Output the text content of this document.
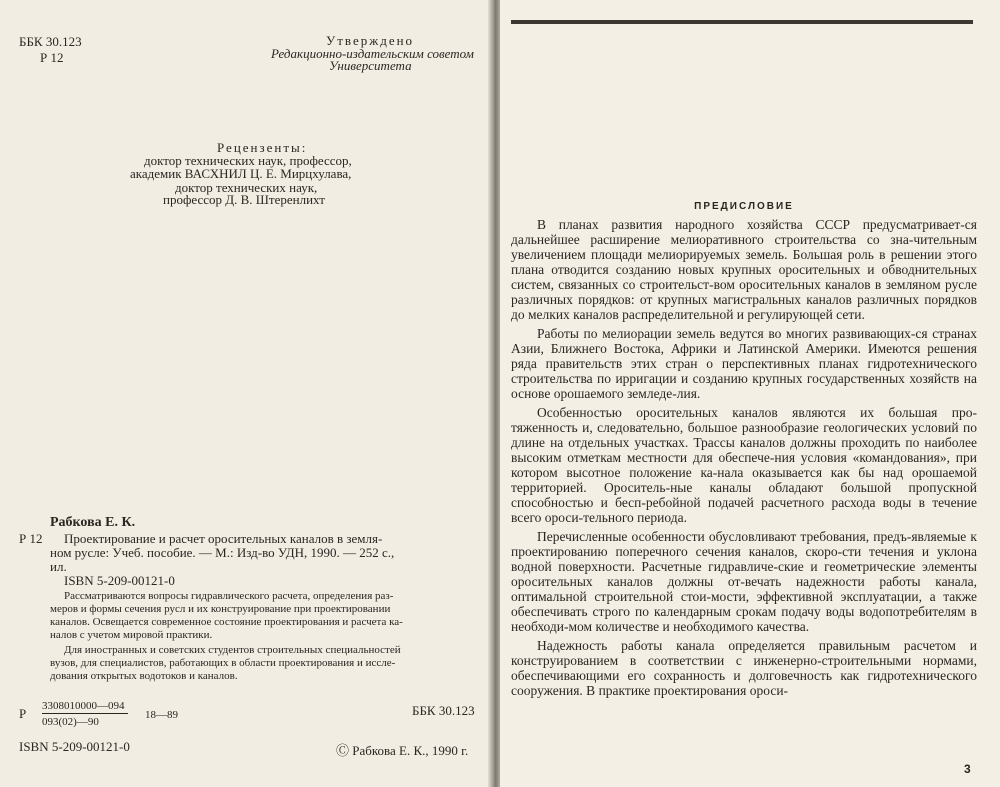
ББК 30.123
Р 12
Утверждено
Редакционно-издательским советом
Университета
Рецензенты:
доктор технических наук, профессор,
академик ВАСХНИЛ Ц. Е. Мирцхулава,
доктор технических наук,
профессор Д. В. Штеренлихт
Рабкова Е. К.
Р 12 Проектирование и расчет оросительных каналов в земля-
ном русле: Учеб. пособие. — М.: Изд-во УДН, 1990. — 252 с.,
ил.
ISBN 5-209-00121-0

Рассматриваются вопросы гидравлического расчета, определения раз-

меров и формы сечения русл и их конструирование при проектировании

каналов. Освещается современное состояние проектирования и расчета ка-

налов с учетом мировой практики.

Для иностранных и советских студентов строительных специальностей

вузов, для специалистов, работающих в области проектирования и иссле-

дования открытых водотоков и каналов.

Р 3308010000—094
093(02)—90
18—89	ББК 30.123
ISBN 5-209-00121-0	Ⓒ Рабкова Е. К., 1990 г.
ПРЕДИСЛОВИЕ

В планах развития народного хозяйства СССР предусматривает-ся дальнейшее расширение мелиоративного строительства со зна-чительным увеличением площади мелиорируемых земель. Большая роль в решении этого плана отводится созданию новых крупных оросительных и обводнительных систем, связанных со строительст-вом оросительных каналов в земляном русле различных порядков: от крупных магистральных каналов различных порядков до мелких каналов распределительной и регулирующей сети.

Работы по мелиорации земель ведутся во многих развивающих-ся странах Азии, Ближнего Востока, Африки и Латинской Америки. Имеются решения ряда правительств этих стран о перспективных планах гидротехнического строительства по ирригации и созданию крупных государственных хозяйств на основе орошаемого земледе-лия.

Особенностью оросительных каналов являются их большая про-тяженность и, следовательно, большое разнообразие геологических условий по длине на отдельных участках. Трассы каналов должны проходить по наиболее высоким отметкам местности для обеспече-ния условия «командования», при котором высотное положение ка-нала оказывается как бы над орошаемой территорией. Ороситель-ные каналы обладают большой пропускной способностью и бесп-ребойной подачей расчетного расхода воды в течение всего ороси-тельного периода.

Перечисленные особенности обусловливают требования, предъ-являемые к проектированию поперечного сечения каналов, скоро-сти течения и уклона водной поверхности. Расчетные гидравличе-ские и геометрические элементы оросительных каналов должны от-вечать надежности работы канала, оптимальной строительной стои-мости, эффективной эксплуатации, а также обеспечивать строго по календарным срокам подачу воды водопотребителям в необходи-мом количестве и необходимого качества.

Надежность работы канала определяется правильным расчетом и конструированием в соответствии с инженерно-строительными нормами, обеспечивающими его сохранность и долговечность как гидротехнического сооружения. В практике проектирования ороси-

3
